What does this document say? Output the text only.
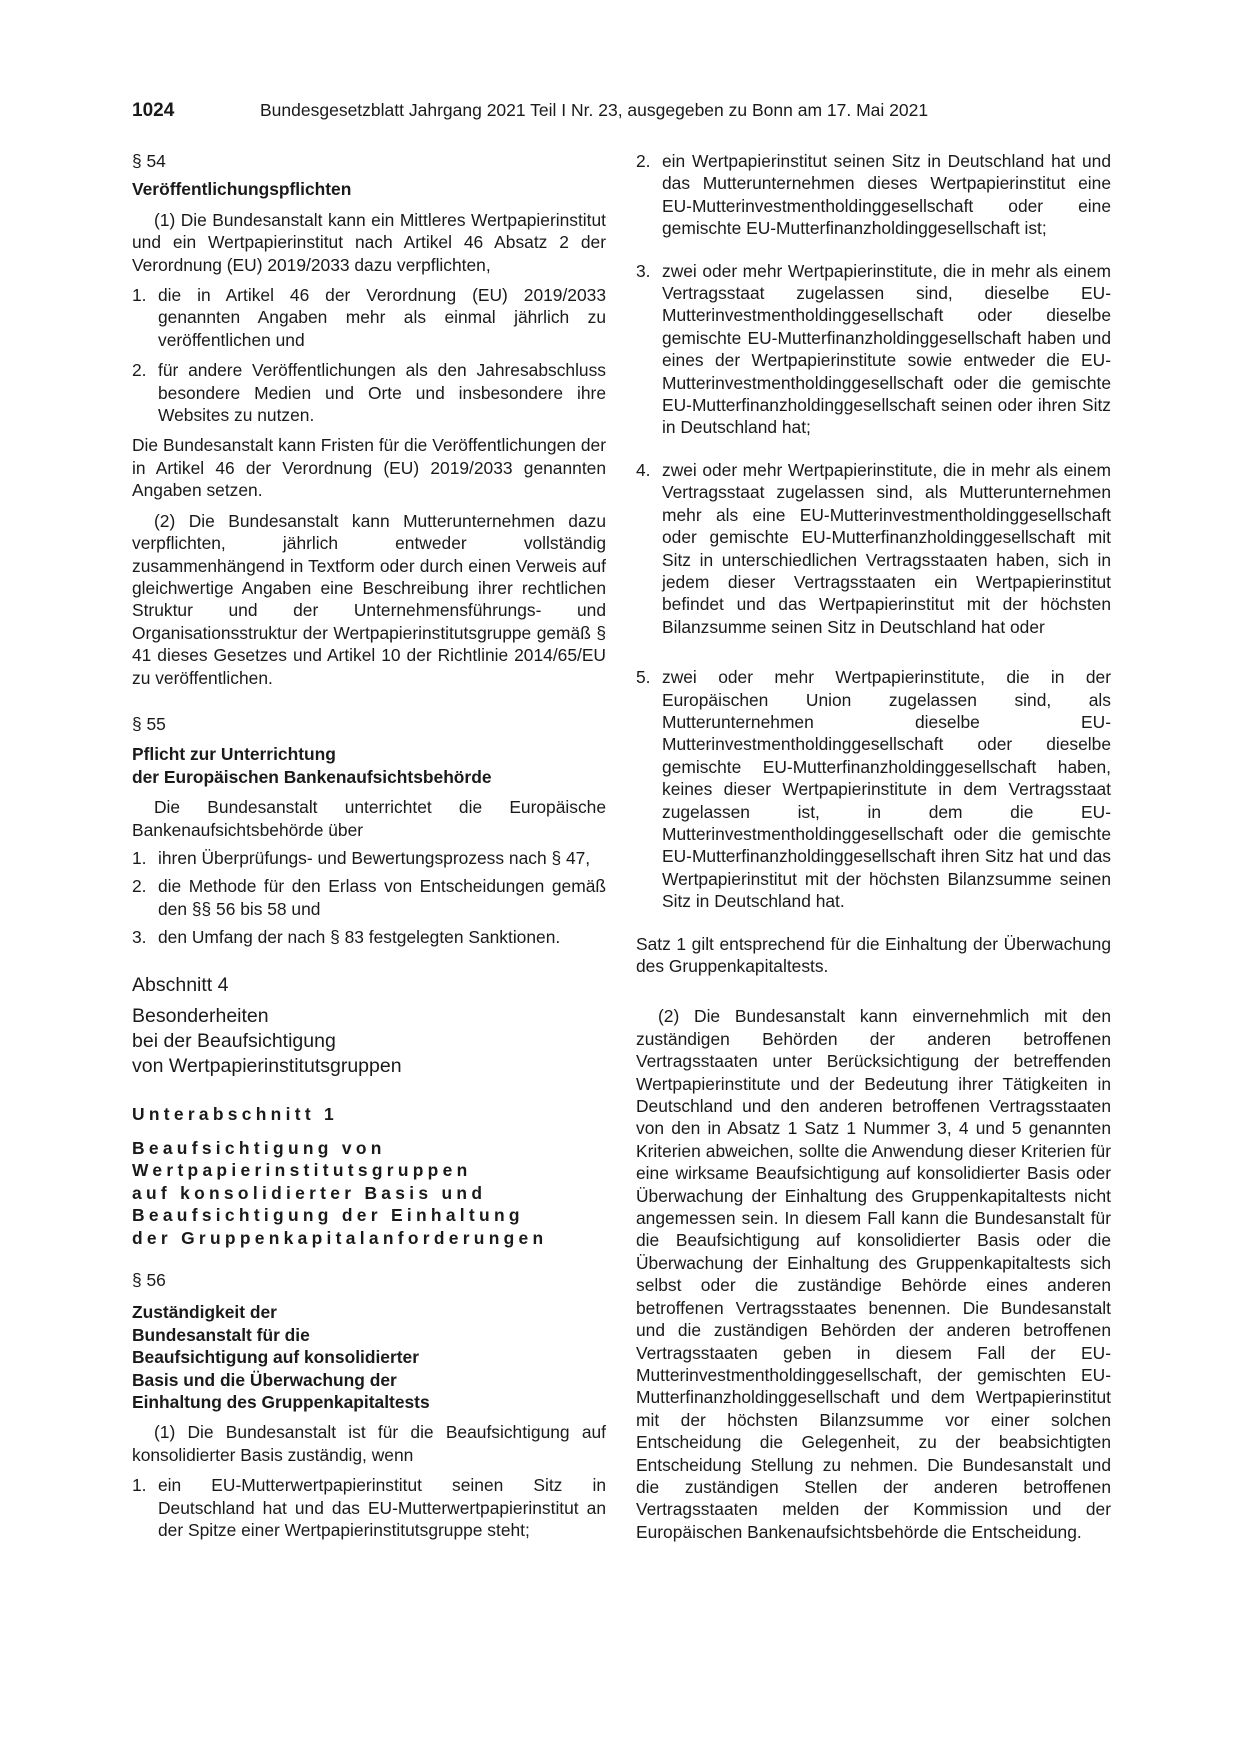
1024	Bundesgesetzblatt Jahrgang 2021 Teil I Nr. 23, ausgegeben zu Bonn am 17. Mai 2021

§ 54

Veröffentlichungspflichten

(1) Die Bundesanstalt kann ein Mittleres Wertpapierinstitut und ein Wertpapierinstitut nach Artikel 46 Absatz 2 der Verordnung (EU) 2019/2033 dazu verpflichten,

1. die in Artikel 46 der Verordnung (EU) 2019/2033 genannten Angaben mehr als einmal jährlich zu veröffentlichen und
2. für andere Veröffentlichungen als den Jahresabschluss besondere Medien und Orte und insbesondere ihre Websites zu nutzen.

Die Bundesanstalt kann Fristen für die Veröffentlichungen der in Artikel 46 der Verordnung (EU) 2019/2033 genannten Angaben setzen.

(2) Die Bundesanstalt kann Mutterunternehmen dazu verpflichten, jährlich entweder vollständig zusammenhängend in Textform oder durch einen Verweis auf gleichwertige Angaben eine Beschreibung ihrer rechtlichen Struktur und der Unternehmensführungs- und Organisationsstruktur der Wertpapierinstitutsgruppe gemäß § 41 dieses Gesetzes und Artikel 10 der Richtlinie 2014/65/EU zu veröffentlichen.

§ 55

Pflicht zur Unterrichtung

der Europäischen Bankenaufsichtsbehörde

Die Bundesanstalt unterrichtet die Europäische Bankenaufsichtsbehörde über

1. ihren Überprüfungs- und Bewertungsprozess nach § 47,
2. die Methode für den Erlass von Entscheidungen gemäß den §§ 56 bis 58 und
3. den Umfang der nach § 83 festgelegten Sanktionen.

Abschnitt 4

Besonderheiten

bei der Beaufsichtigung

von Wertpapierinstitutsgruppen

Unterabschnitt 1

Beaufsichtigung von

Wertpapierinstitutsgruppen

auf konsolidierter Basis und

Beaufsichtigung der Einhaltung

der Gruppenkapitalanforderungen

§ 56

Zuständigkeit der

Bundesanstalt für die

Beaufsichtigung auf konsolidierter

Basis und die Überwachung der

Einhaltung des Gruppenkapitaltests

(1) Die Bundesanstalt ist für die Beaufsichtigung auf konsolidierter Basis zuständig, wenn

1. ein EU-Mutterwertpapierinstitut seinen Sitz in Deutschland hat und das EU-Mutterwertpapierinstitut an der Spitze einer Wertpapierinstitutsgruppe steht;
2. ein Wertpapierinstitut seinen Sitz in Deutschland hat und das Mutterunternehmen dieses Wertpapierinstitut eine EU-Mutterinvestmentholdinggesellschaft oder eine gemischte EU-Mutterfinanzholdinggesellschaft ist;
3. zwei oder mehr Wertpapierinstitute, die in mehr als einem Vertragsstaat zugelassen sind, dieselbe EU-Mutterinvestmentholdinggesellschaft oder dieselbe gemischte EU-Mutterfinanzholdinggesellschaft haben und eines der Wertpapierinstitute sowie entweder die EU-Mutterinvestmentholdinggesellschaft oder die gemischte EU-Mutterfinanzholdinggesellschaft seinen oder ihren Sitz in Deutschland hat;
4. zwei oder mehr Wertpapierinstitute, die in mehr als einem Vertragsstaat zugelassen sind, als Mutterunternehmen mehr als eine EU-Mutterinvestmentholdinggesellschaft oder gemischte EU-Mutterfinanzholdinggesellschaft mit Sitz in unterschiedlichen Vertragsstaaten haben, sich in jedem dieser Vertragsstaaten ein Wertpapierinstitut befindet und das Wertpapierinstitut mit der höchsten Bilanzsumme seinen Sitz in Deutschland hat oder
5. zwei oder mehr Wertpapierinstitute, die in der Europäischen Union zugelassen sind, als Mutterunternehmen dieselbe EU-Mutterinvestmentholdinggesellschaft oder dieselbe gemischte EU-Mutterfinanzholdinggesellschaft haben, keines dieser Wertpapierinstitute in dem Vertragsstaat zugelassen ist, in dem die EU-Mutterinvestmentholdinggesellschaft oder die gemischte EU-Mutterfinanzholdinggesellschaft ihren Sitz hat und das Wertpapierinstitut mit der höchsten Bilanzsumme seinen Sitz in Deutschland hat.

Satz 1 gilt entsprechend für die Einhaltung der Überwachung des Gruppenkapitaltests.

(2) Die Bundesanstalt kann einvernehmlich mit den zuständigen Behörden der anderen betroffenen Vertragsstaaten unter Berücksichtigung der betreffenden Wertpapierinstitute und der Bedeutung ihrer Tätigkeiten in Deutschland und den anderen betroffenen Vertragsstaaten von den in Absatz 1 Satz 1 Nummer 3, 4 und 5 genannten Kriterien abweichen, sollte die Anwendung dieser Kriterien für eine wirksame Beaufsichtigung auf konsolidierter Basis oder Überwachung der Einhaltung des Gruppenkapitaltests nicht angemessen sein. In diesem Fall kann die Bundesanstalt für die Beaufsichtigung auf konsolidierter Basis oder die Überwachung der Einhaltung des Gruppenkapitaltests sich selbst oder die zuständige Behörde eines anderen betroffenen Vertragsstaates benennen. Die Bundesanstalt und die zuständigen Behörden der anderen betroffenen Vertragsstaaten geben in diesem Fall der EU-Mutterinvestmentholdinggesellschaft, der gemischten EU-Mutterfinanzholdinggesellschaft und dem Wertpapierinstitut mit der höchsten Bilanzsumme vor einer solchen Entscheidung die Gelegenheit, zu der beabsichtigten Entscheidung Stellung zu nehmen. Die Bundesanstalt und die zuständigen Stellen der anderen betroffenen Vertragsstaaten melden der Kommission und der Europäischen Bankenaufsichtsbehörde die Entscheidung.
